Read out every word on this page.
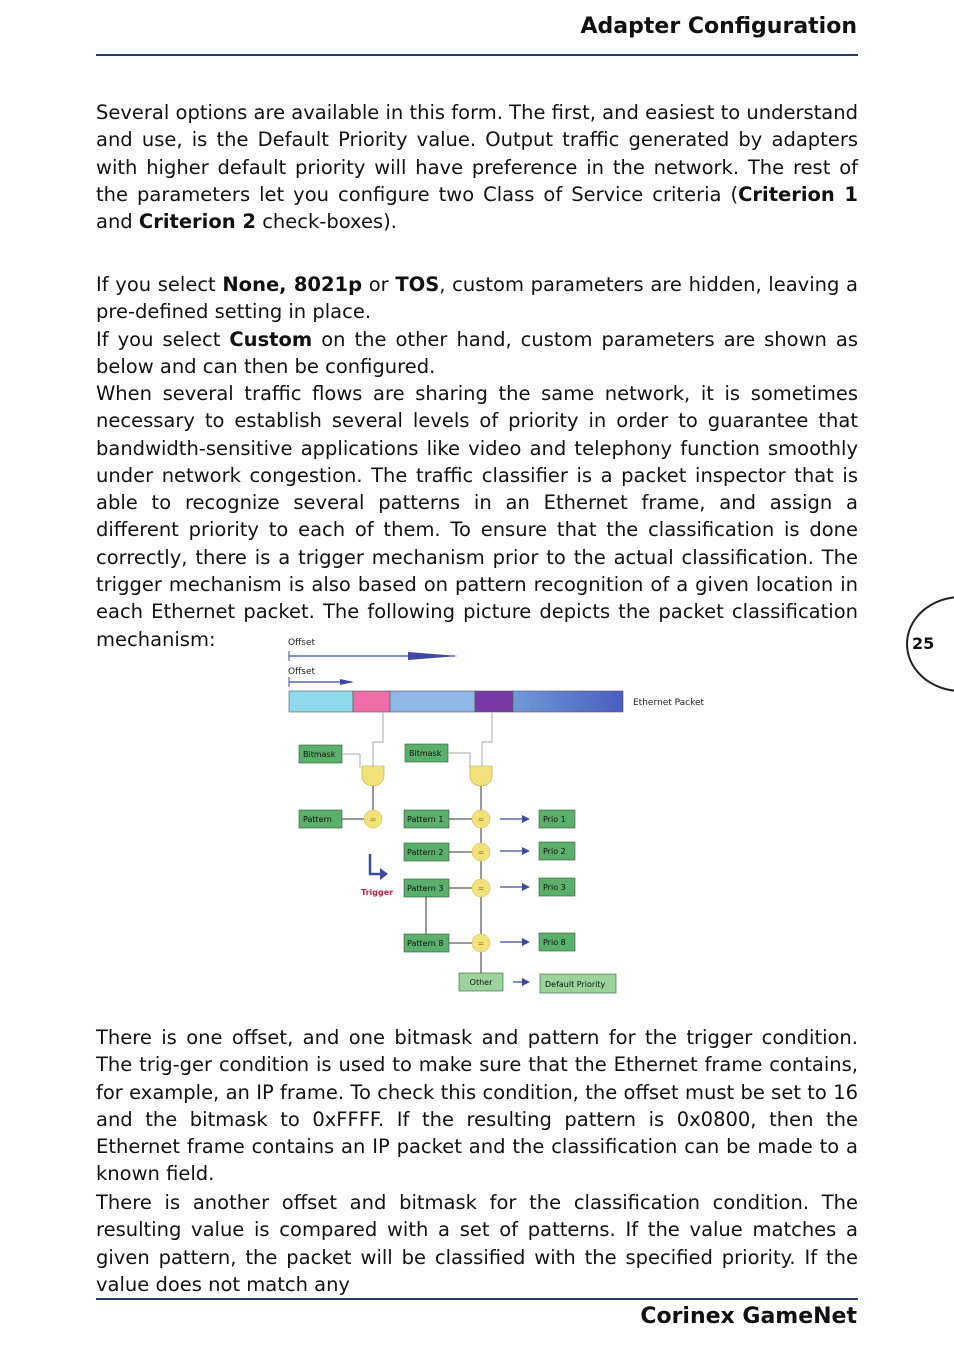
Adapter Configuration

Several options are available in this form. The first, and easiest to understand and use, is the Default Priority value. Output traffic generated by adapters with higher default priority will have preference in the network. The rest of the parameters let you configure two Class of Service criteria (Criterion 1 and Criterion 2 check-boxes).

If you select None, 8021p or TOS, custom parameters are hidden, leaving a pre-defined setting in place.

If you select Custom on the other hand, custom parameters are shown as below and can then be configured.

When several traffic flows are sharing the same network, it is sometimes necessary to establish several levels of priority in order to guarantee that bandwidth-sensitive applications like video and telephony function smoothly under network congestion. The traffic classifier is a packet inspector that is able to recognize several patterns in an Ethernet frame, and assign a different priority to each of them. To ensure that the classification is done correctly, there is a trigger mechanism prior to the actual classification. The trigger mechanism is also based on pattern recognition of a given location in each Ethernet packet. The following picture depicts the packet classification mechanism:	25
Offset
Offset
Ethernet Packet
Bitmask	Bitmask
Pattern	=
Trigger
Pattern 1	=	Prio 1
Pattern 2	=	Prio 2
Pattern 3	=	Prio 3
Pattern 8	=	Prio 8
Other	Default Priority

There is one offset, and one bitmask and pattern for the trigger condition. The trig-ger condition is used to make sure that the Ethernet frame contains, for example, an IP frame. To check this condition, the offset must be set to 16 and the bitmask to 0xFFFF. If the resulting pattern is 0x0800, then the Ethernet frame contains an IP packet and the classification can be made to a known field.

There is another offset and bitmask for the classification condition. The resulting value is compared with a set of patterns. If the value matches a given pattern, the packet will be classified with the specified priority. If the value does not match any

Corinex GameNet
